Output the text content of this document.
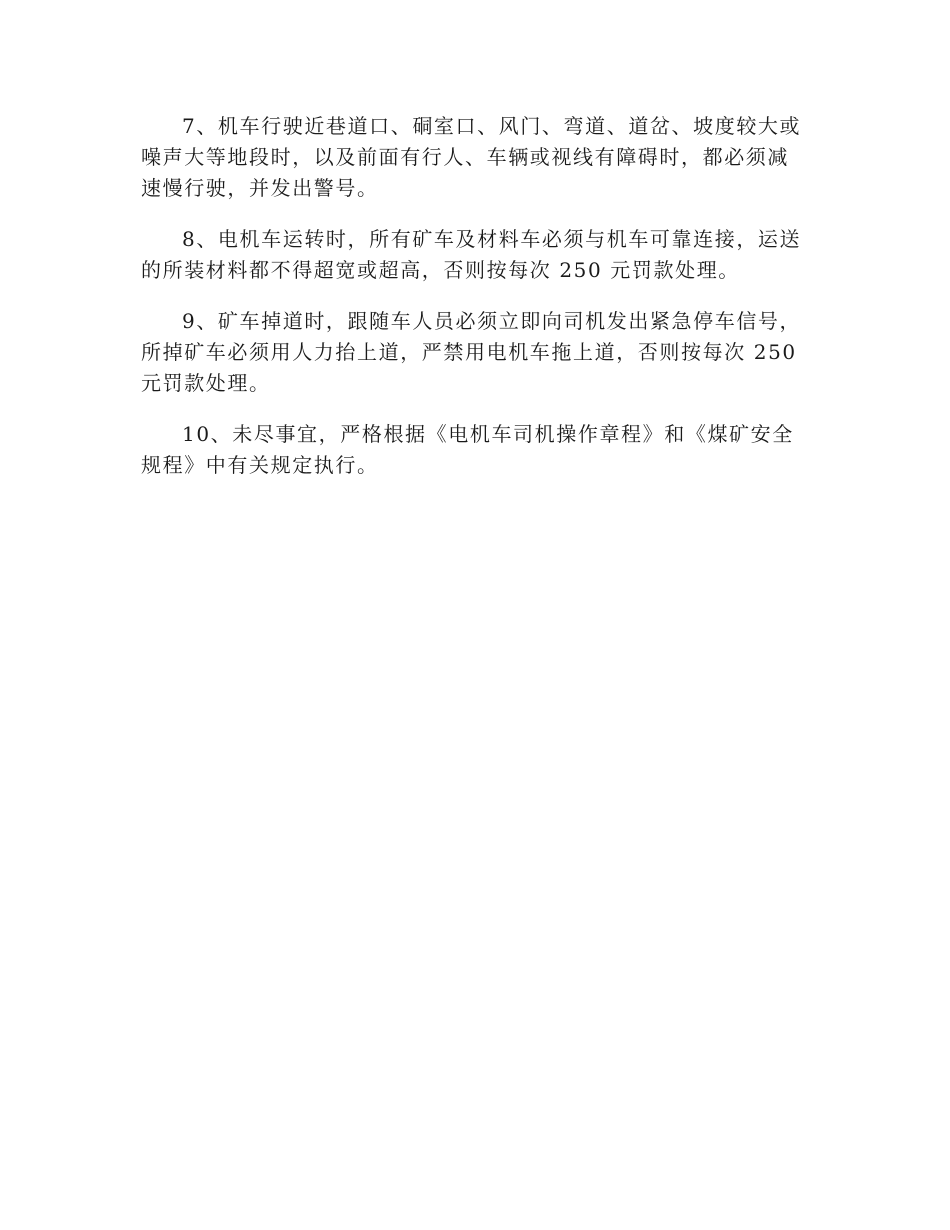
7、机车行驶近巷道口、硐室口、风门、弯道、道岔、坡度较大或
噪声大等地段时，以及前面有行人、车辆或视线有障碍时，都必须减
速慢行驶，并发出警号。

8、电机车运转时，所有矿车及材料车必须与机车可靠连接，运送
的所装材料都不得超宽或超高，否则按每次 250 元罚款处理。

9、矿车掉道时，跟随车人员必须立即向司机发出紧急停车信号，
所掉矿车必须用人力抬上道，严禁用电机车拖上道，否则按每次 250
元罚款处理。

10、未尽事宜，严格根据《电机车司机操作章程》和《煤矿安全
规程》中有关规定执行。
